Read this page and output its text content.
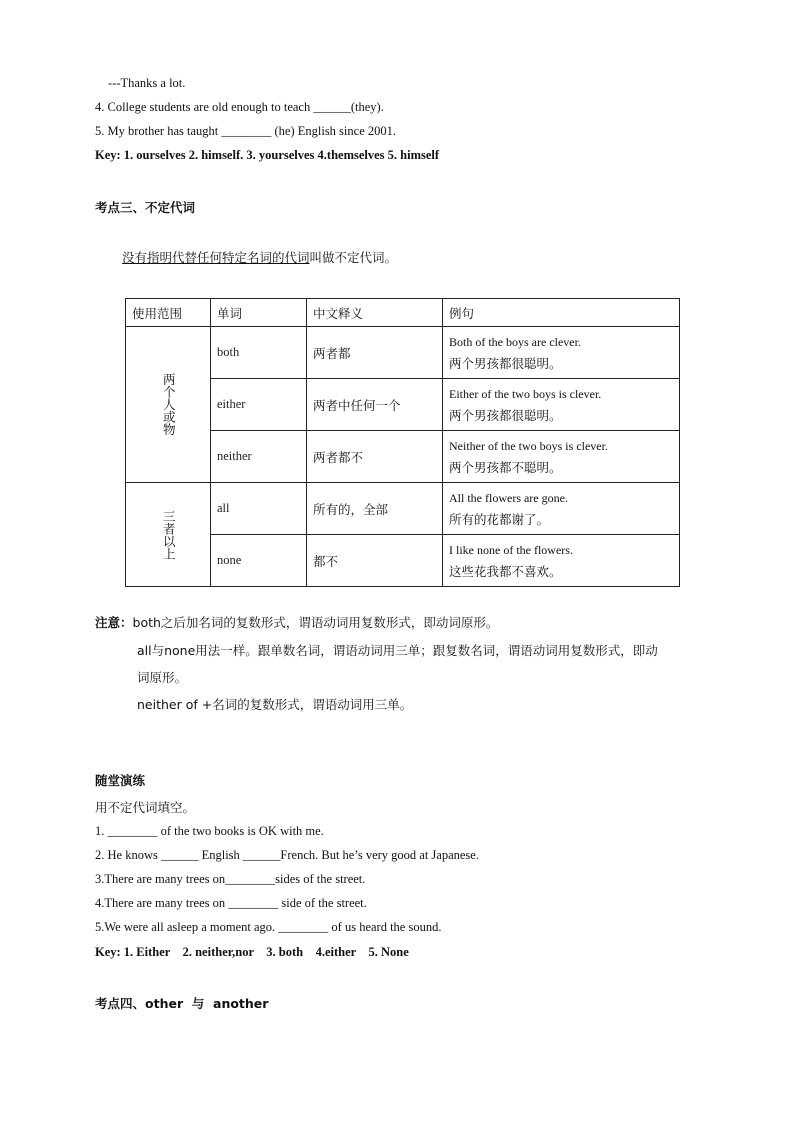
---Thanks a lot.
4. College students are old enough to teach ______(they).
5. My brother has taught ________ (he) English since 2001.
Key: 1. ourselves 2. himself. 3. yourselves 4.themselves 5. himself
考点三、不定代词
没有指明代替任何特定名词的代词叫做不定代词。
使用范围	单词	中文释义	例句

两个人或物	both	两者都	Both of the boys are clever.
两个男孩都很聪明。

	either	两者中任何一个	Either of the two boys is clever.
两个男孩都很聪明。

	neither	两者都不	Neither of the two boys is clever.
两个男孩都不聪明。

三者以上	all	所有的，全部	All the flowers are gone.
所有的花都谢了。

	none	都不	I like none of the flowers.
这些花我都不喜欢。
注意：both之后加名词的复数形式，谓语动词用复数形式，即动词原形。
all与none用法一样。跟单数名词，谓语动词用三单；跟复数名词，谓语动词用复数形式，即动
词原形。
neither of +名词的复数形式，谓语动词用三单。
随堂演练
用不定代词填空。
1. ________ of the two books is OK with me.
2. He knows ______ English ______French. But he’s very good at Japanese.
3.There are many trees on________sides of the street.
4.There are many trees on ________ side of the street.
5.We were all asleep a moment ago. ________ of us heard the sound.
Key: 1. Either    2. neither,nor    3. both    4.either    5. None
考点四、other  与  another
